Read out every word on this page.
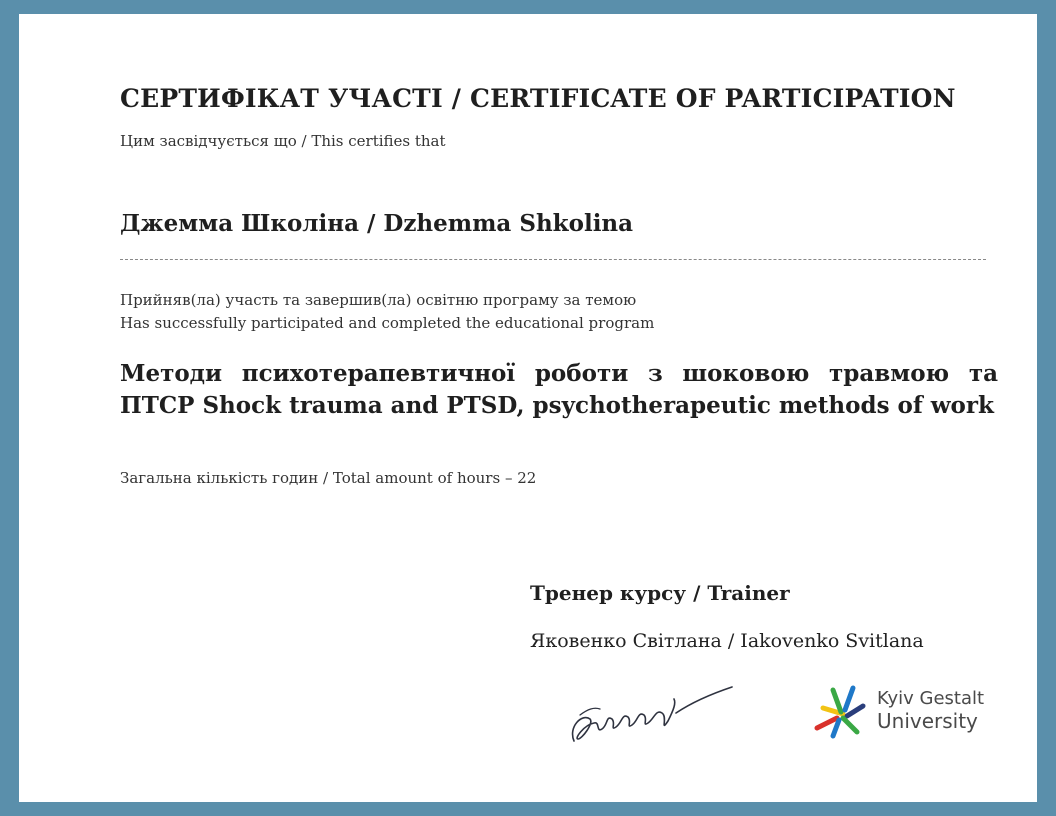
СЕРТИФІКАТ УЧАСТІ / CERTIFICATE OF PARTICIPATION
Цим засвідчується що / This certifies that
Джемма Школіна / Dzhemma Shkolina
Прийняв(ла) участь та завершив(ла) освітню програму за темою
Has successfully participated and completed the educational program
Методи психотерапевтичної роботи з шоковою травмою та ПТСР Shock trauma and PTSD, psychotherapeutic methods of work
Загальна кількість годин / Total amount of hours – 22
Тренер курсу / Trainer
Яковенко Світлана / Iakovenko Svitlana
Kyiv Gestalt
University
